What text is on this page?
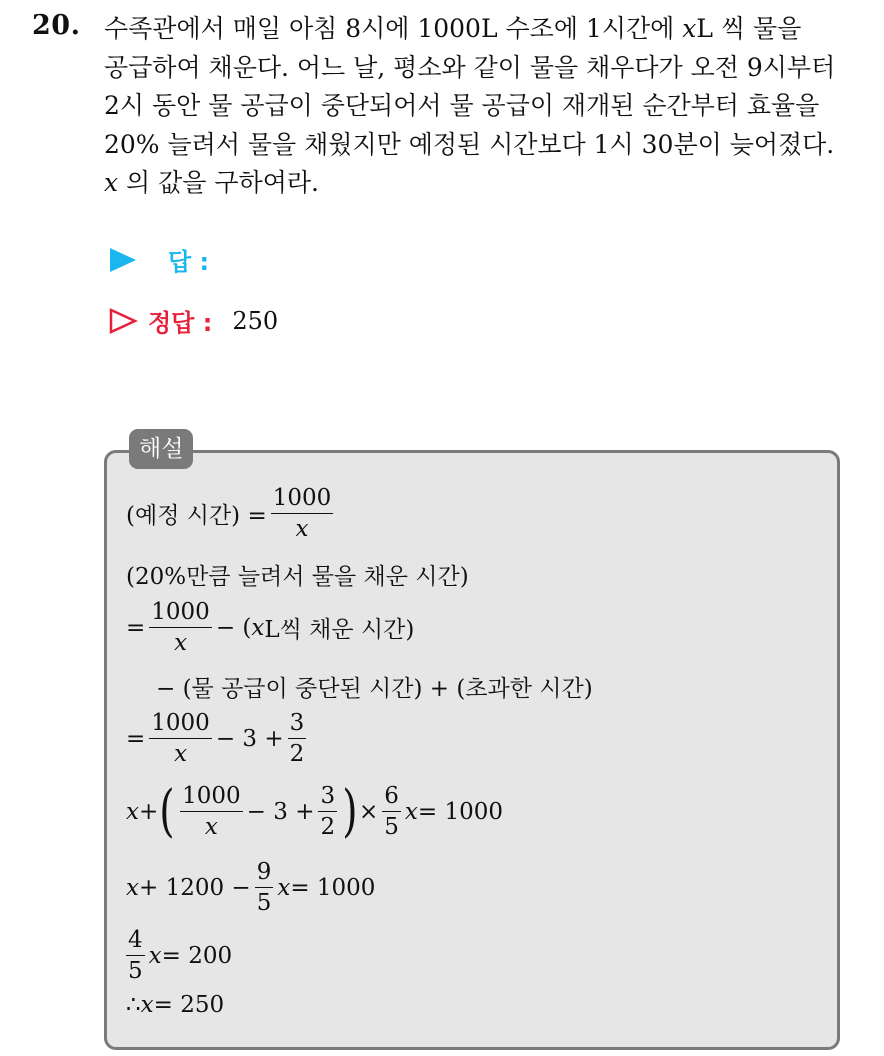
20. 수족관에서 매일 아침 8시에 1000L 수조에 1시간에 xL 씩 물을
공급하여 채운다. 어느 날, 평소와 같이 물을 채우다가 오전 9시부터
2시 동안 물 공급이 중단되어서 물 공급이 재개된 순간부터 효율을
20% 늘려서 물을 채웠지만 예정된 시간보다 1시 30분이 늦어졌다.
x 의 값을 구하여라.
답 :
정답 : 250
해설
(예정 시간) = $\frac{1000}{x}$
(20%만큼 늘려서 물을 채운 시간)
= $\frac{1000}{x}$ − ( x L씩 채운 시간)
− (물 공급이 중단된 시간) + (초과한 시간)
= $\frac{1000}{x} - 3 + \frac{3}{2}$
x + ( $\frac{1000}{x} - 3 + \frac{3}{2}$ ) × $\frac{6}{5}$ x = 1000
$x + 1200 - \frac{9}{5}$ x = 1000
$\frac{4}{5}$ x = 200
∴ x = 250
